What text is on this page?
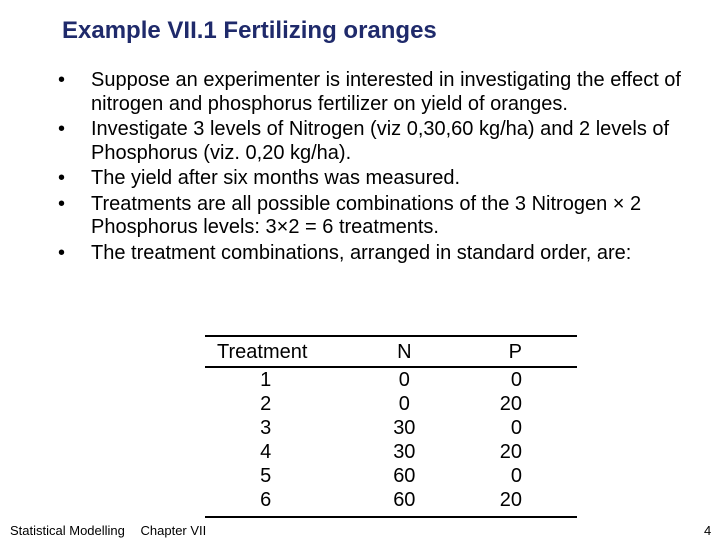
Example VII.1 Fertilizing oranges
• Suppose an experimenter is interested in investigating the effect of nitrogen and phosphorus fertilizer on yield of oranges.
• Investigate 3 levels of Nitrogen (viz 0,30,60 kg/ha) and 2 levels of Phosphorus (viz. 0,20 kg/ha).
• The yield after six months was measured.
• Treatments are all possible combinations of the 3 Nitrogen × 2 Phosphorus levels: 3×2 = 6 treatments.
• The treatment combinations, arranged in standard order, are:
Treatment	N	P
1	0	0
2	0	20
3	30	0
4	30	20
5	60	0
6	60	20
Statistical Modelling Chapter VII	4
